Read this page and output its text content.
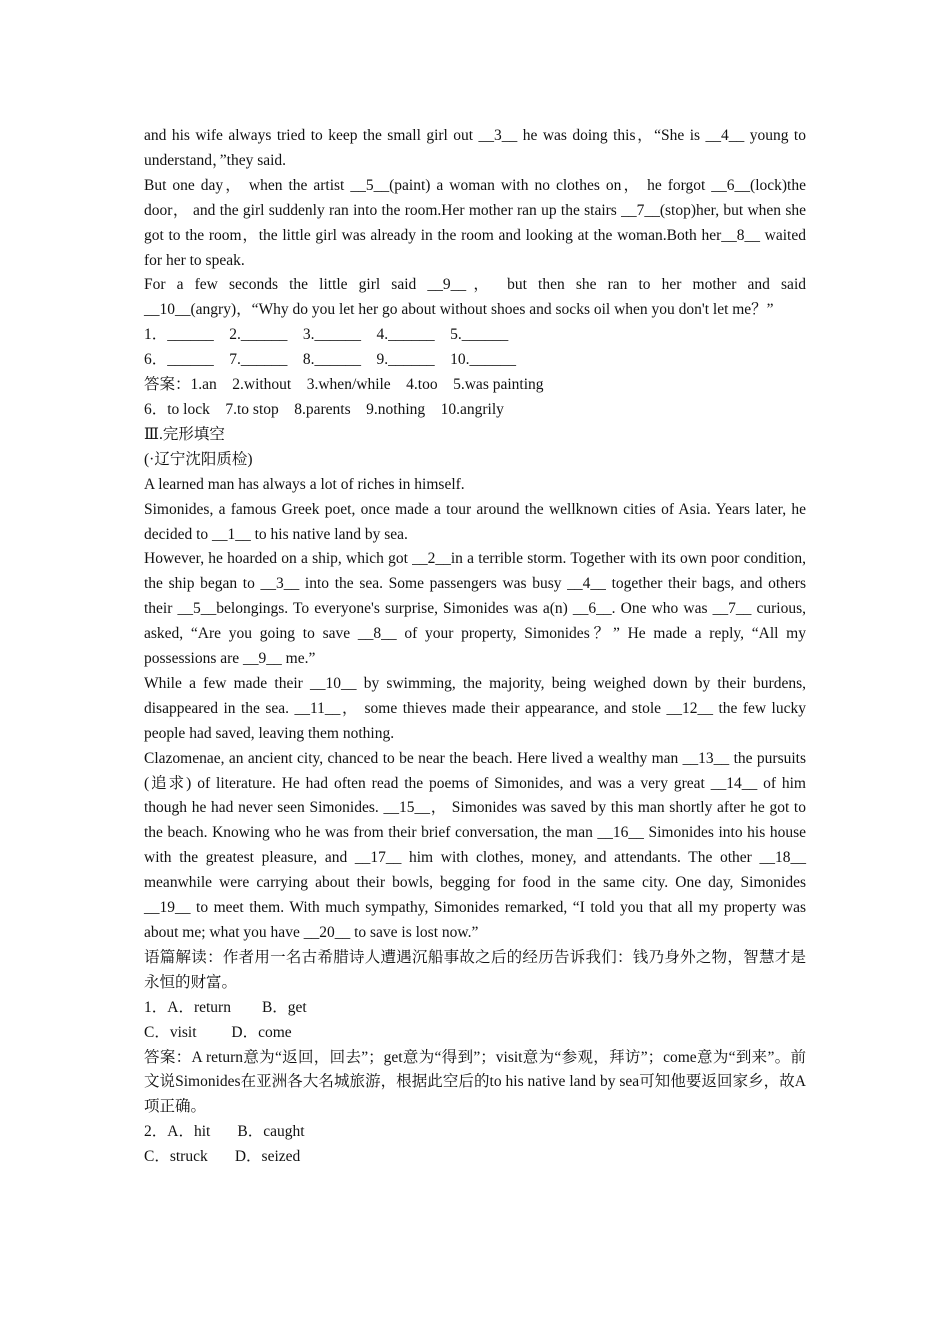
and his wife always tried to keep the small girl out __3__ he was doing this，“She is __4__ young to understand，”they said.

But one day， when the artist __5__(paint) a woman with no clothes on， he forgot __6__(lock)the door， and the girl suddenly ran into the room.Her mother ran up the stairs __7__(stop)her, but when she got to the room，the little girl was already in the room and looking at the woman.Both her__8__ waited for her to speak.

For a few seconds the little girl said __9__， but then she ran to her mother and said __10__(angry)，“Why do you let her go about without shoes and socks oil when you don't let me？”

1．______    2.______    3.______    4.______    5.______

6．______    7.______    8.______    9.______    10.______

答案：1.an    2.without    3.when/while    4.too    5.was painting

6．to lock    7.to stop    8.parents    9.nothing    10.angrily

Ⅲ.完形填空

(·辽宁沈阳质检)

A learned man has always a lot of riches in himself.

Simonides, a famous Greek poet, once made a tour around the wellknown cities of Asia. Years later, he decided to __1__ to his native land by sea.

However, he hoarded on a ship, which got __2__in a terrible storm. Together with its own poor condition, the ship began to __3__ into the sea. Some passengers was busy __4__ together their bags, and others their __5__belongings. To everyone's surprise, Simonides was a(n) __6__. One who was __7__ curious, asked, “Are you going to save __8__ of your property, Simonides？” He made a reply, “All my possessions are __9__ me.”

While a few made their __10__ by swimming, the majority, being weighed down by their burdens, disappeared in the sea. __11__， some thieves made their appearance, and stole __12__ the few lucky people had saved, leaving them nothing.

Clazomenae, an ancient city, chanced to be near the beach. Here lived a wealthy man __13__ the pursuits (追求) of literature. He had often read the poems of Simonides, and was a very great __14__ of him though he had never seen Simonides. __15__， Simonides was saved by this man shortly after he got to the beach. Knowing who he was from their brief conversation, the man __16__ Simonides into his house with the greatest pleasure, and __17__ him with clothes, money, and attendants. The other __18__ meanwhile were carrying about their bowls, begging for food in the same city. One day, Simonides __19__ to meet them. With much sympathy, Simonides remarked, “I told you that all my property was about me; what you have __20__ to save is lost now.”

语篇解读：作者用一名古希腊诗人遭遇沉船事故之后的经历告诉我们：钱乃身外之物，智慧才是永恒的财富。

1．A．return        B．get

C．visit         D．come

答案：A return意为“返回，回去”；get意为“得到”；visit意为“参观，拜访”；come意为“到来”。前文说Simonides在亚洲各大名城旅游，根据此空后的to his native land by sea可知他要返回家乡，故A项正确。

2．A．hit       B．caught

C．struck       D．seized
